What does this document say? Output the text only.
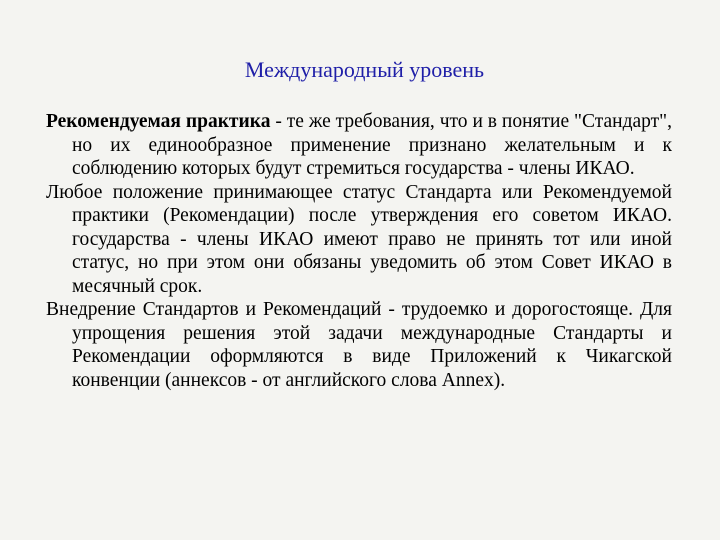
Международный уровень

Рекомендуемая практика - те же требования, что и в понятие "Стандарт", но их единообразное применение признано желательным и к соблюдению которых будут стремиться государства - члены ИКАО.

Любое положение принимающее статус Стандарта или Рекомендуемой практики (Рекомендации) после утверждения его советом ИКАО. государства - члены ИКАО имеют право не принять тот или иной статус, но при этом они обязаны уведомить об этом Совет ИКАО в месячный срок.

Внедрение Стандартов и Рекомендаций - трудоемко и дорогостояще. Для упрощения решения этой задачи международные Стандарты и Рекомендации оформляются в виде Приложений к Чикагской конвенции (аннексов - от английского слова Annex).
